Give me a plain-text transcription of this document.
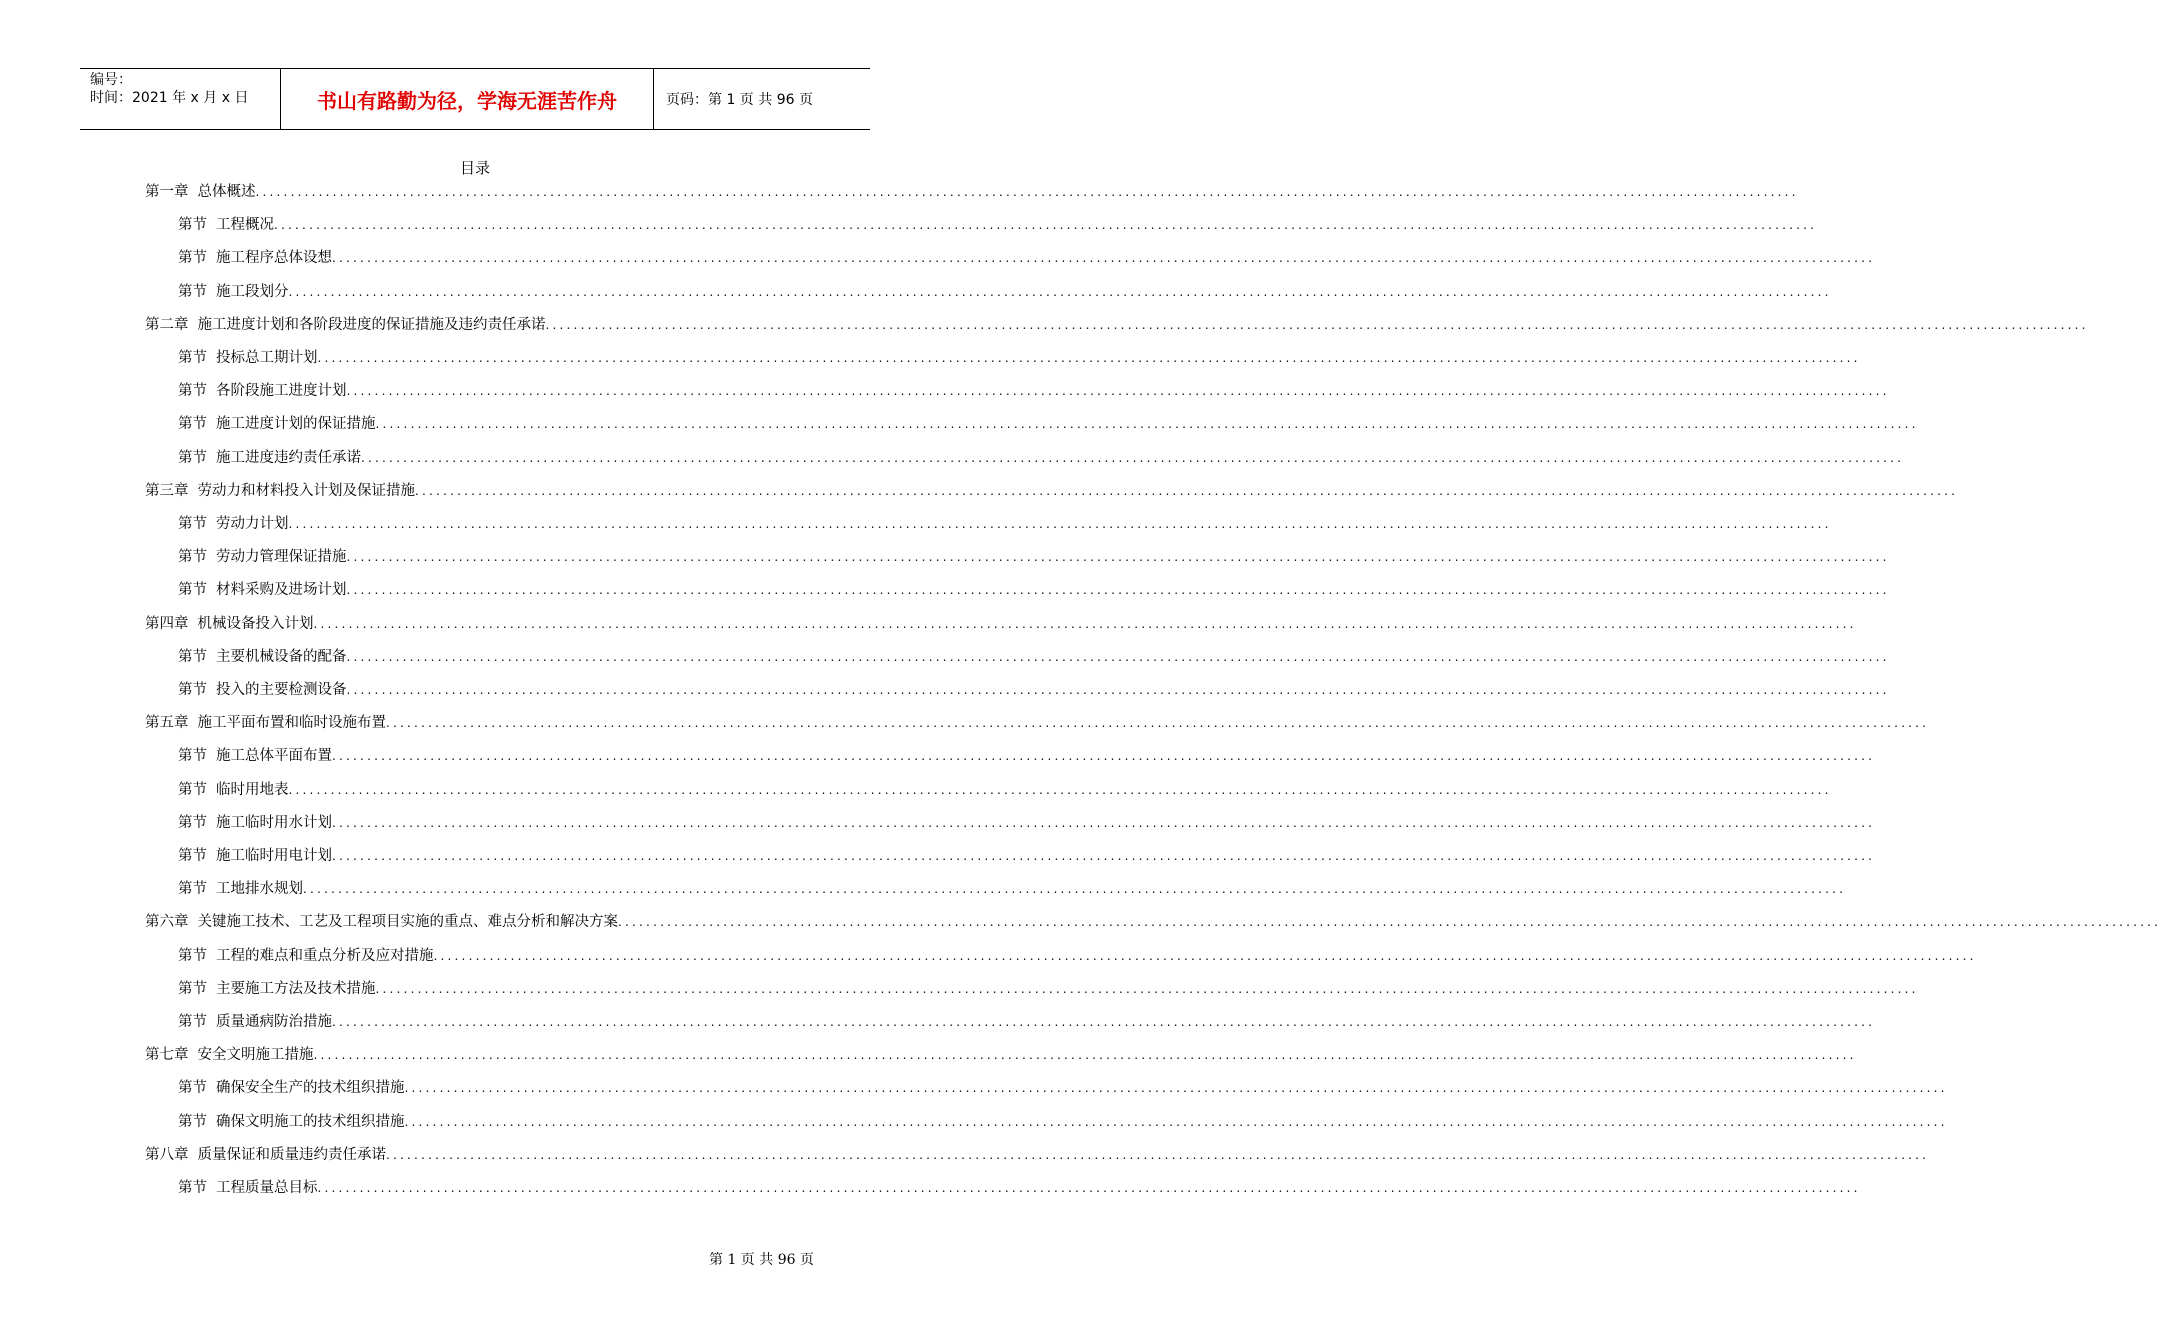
编号：
时间：2021 年 x 月 x 日	书山有路勤为径，学海无涯苦作舟	页码：第 1 页 共 96 页
目录
第一章 总体概述 ............................................................................................................................................................................................................................
第节 工程概况 ............................................................................................................................................................................................................................
第节 施工程序总体设想 ............................................................................................................................................................................................................................
第节 施工段划分 ............................................................................................................................................................................................................................
第二章 施工进度计划和各阶段进度的保证措施及违约责任承诺 ............................................................................................................................................................................................................................
第节 投标总工期计划 ............................................................................................................................................................................................................................
第节 各阶段施工进度计划 ............................................................................................................................................................................................................................
第节 施工进度计划的保证措施 ............................................................................................................................................................................................................................
第节 施工进度违约责任承诺 ............................................................................................................................................................................................................................
第三章 劳动力和材料投入计划及保证措施 ............................................................................................................................................................................................................................
第节 劳动力计划 ............................................................................................................................................................................................................................
第节 劳动力管理保证措施 ............................................................................................................................................................................................................................
第节 材料采购及进场计划 ............................................................................................................................................................................................................................
第四章 机械设备投入计划 ............................................................................................................................................................................................................................
第节 主要机械设备的配备 ............................................................................................................................................................................................................................
第节 投入的主要检测设备 ............................................................................................................................................................................................................................
第五章 施工平面布置和临时设施布置 ............................................................................................................................................................................................................................
第节 施工总体平面布置 ............................................................................................................................................................................................................................
第节 临时用地表 ............................................................................................................................................................................................................................
第节 施工临时用水计划 ............................................................................................................................................................................................................................
第节 施工临时用电计划 ............................................................................................................................................................................................................................
第节 工地排水规划 ............................................................................................................................................................................................................................
第六章 关键施工技术、工艺及工程项目实施的重点、难点分析和解决方案 ............................................................................................................................................................................................................................
第节 工程的难点和重点分析及应对措施 ............................................................................................................................................................................................................................
第节 主要施工方法及技术措施 ............................................................................................................................................................................................................................
第节 质量通病防治措施 ............................................................................................................................................................................................................................
第七章 安全文明施工措施 ............................................................................................................................................................................................................................
第节 确保安全生产的技术组织措施 ............................................................................................................................................................................................................................
第节 确保文明施工的技术组织措施 ............................................................................................................................................................................................................................
第八章 质量保证和质量违约责任承诺 ............................................................................................................................................................................................................................
第节 工程质量总目标 ............................................................................................................................................................................................................................
第 1 页 共 96 页
